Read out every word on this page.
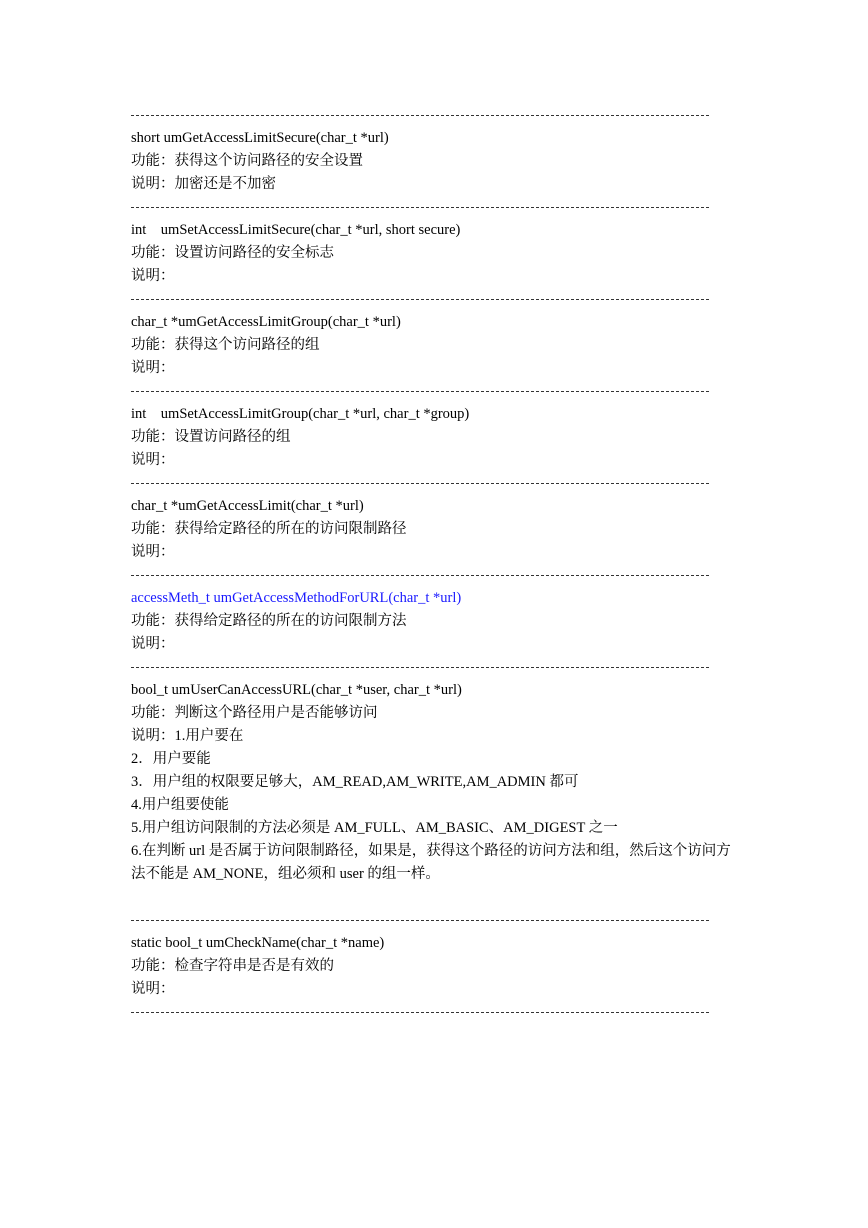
short umGetAccessLimitSecure(char_t *url)
功能：获得这个访问路径的安全设置
说明：加密还是不加密
int    umSetAccessLimitSecure(char_t *url, short secure)
功能：设置访问路径的安全标志
说明：
char_t *umGetAccessLimitGroup(char_t *url)
功能：获得这个访问路径的组
说明：
int    umSetAccessLimitGroup(char_t *url, char_t *group)
功能：设置访问路径的组
说明：
char_t *umGetAccessLimit(char_t *url)
功能：获得给定路径的所在的访问限制路径
说明：
accessMeth_t umGetAccessMethodForURL(char_t *url)
功能：获得给定路径的所在的访问限制方法
说明：
bool_t umUserCanAccessURL(char_t *user, char_t *url)
功能：判断这个路径用户是否能够访问
说明：1.用户要在
2．用户要能
3．用户组的权限要足够大，AM_READ,AM_WRITE,AM_ADMIN 都可
4.用户组要使能
5.用户组访问限制的方法必须是 AM_FULL、AM_BASIC、AM_DIGEST 之一
6.在判断 url 是否属于访问限制路径，如果是，获得这个路径的访问方法和组，然后这个访问方法不能是 AM_NONE，组必须和 user 的组一样。
static bool_t umCheckName(char_t *name)
功能：检查字符串是否是有效的
说明：
